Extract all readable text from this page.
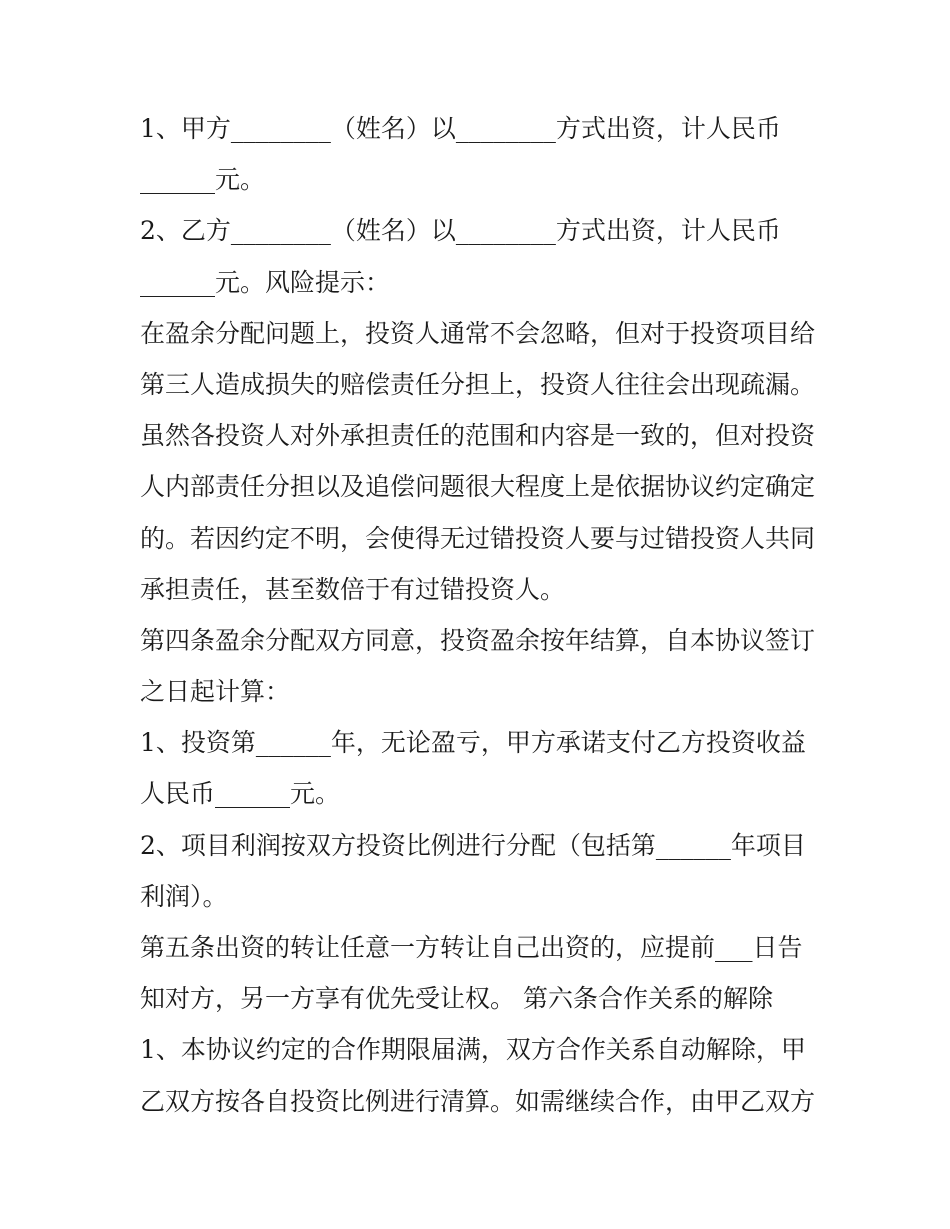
1、甲方________（姓名）以________方式出资，计人民币
______元。
2、乙方________（姓名）以________方式出资，计人民币
______元。风险提示：
在盈余分配问题上，投资人通常不会忽略，但对于投资项目给
第三人造成损失的赔偿责任分担上，投资人往往会出现疏漏。
虽然各投资人对外承担责任的范围和内容是一致的，但对投资
人内部责任分担以及追偿问题很大程度上是依据协议约定确定
的。若因约定不明，会使得无过错投资人要与过错投资人共同
承担责任，甚至数倍于有过错投资人。
第四条盈余分配双方同意，投资盈余按年结算，自本协议签订
之日起计算：
1、投资第______年，无论盈亏，甲方承诺支付乙方投资收益
人民币______元。
2、项目利润按双方投资比例进行分配（包括第______年项目
利润）。
第五条出资的转让任意一方转让自己出资的，应提前___日告
知对方，另一方享有优先受让权。 第六条合作关系的解除
1、本协议约定的合作期限届满，双方合作关系自动解除，甲
乙双方按各自投资比例进行清算。如需继续合作，由甲乙双方
